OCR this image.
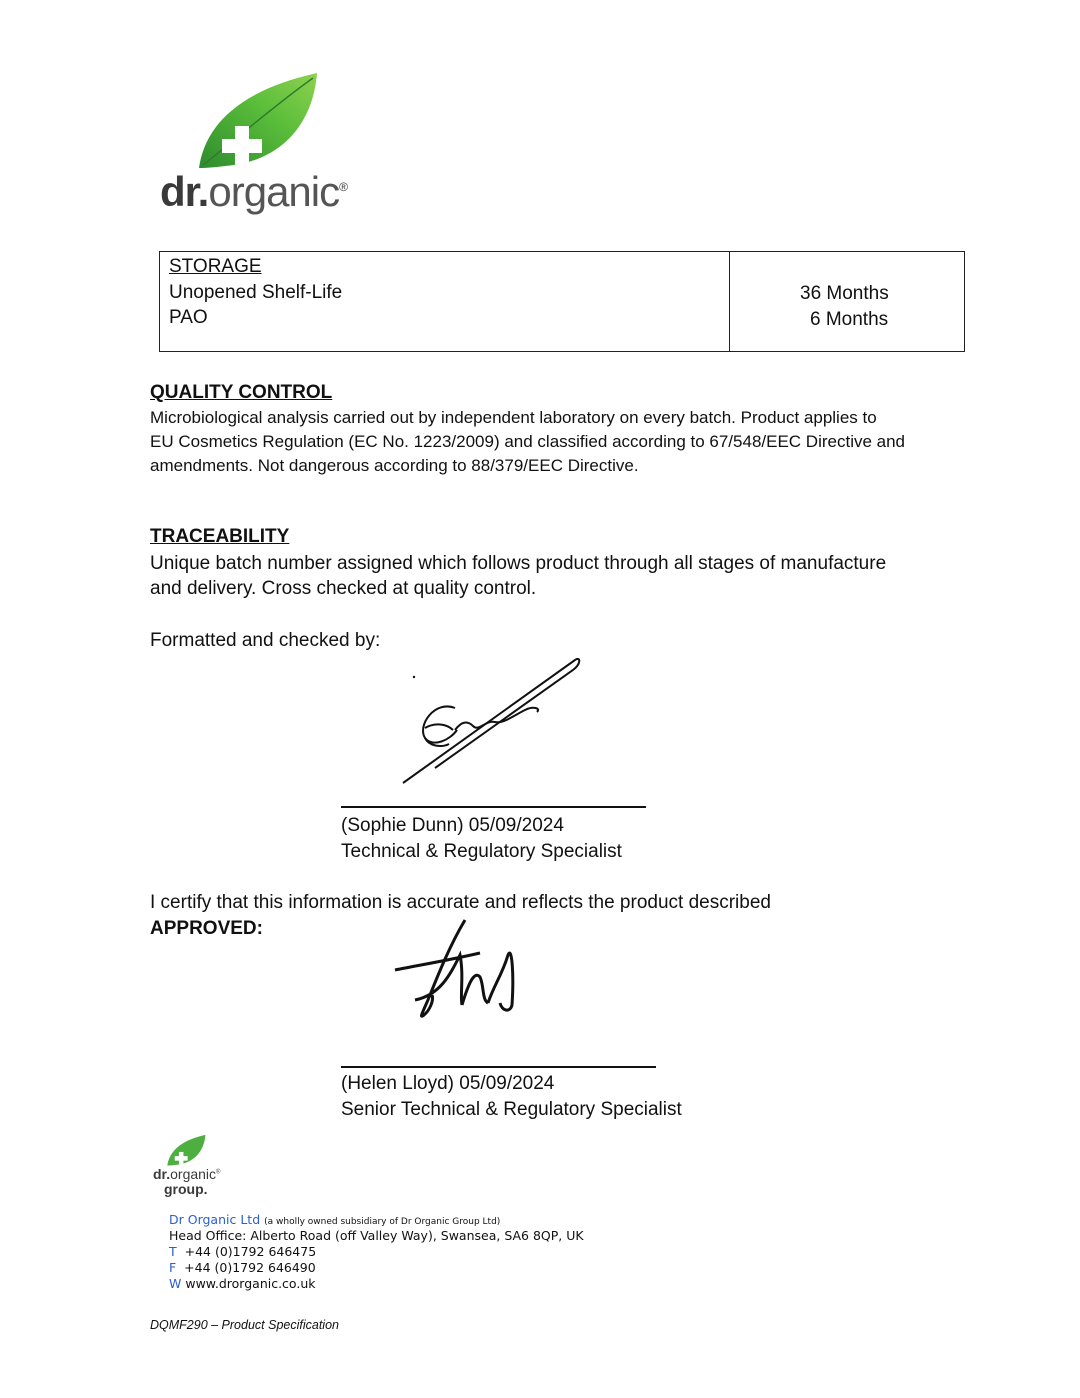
dr.organic®
STORAGE
Unopened Shelf-Life
PAO
36 Months
6 Months
QUALITY CONTROL
Microbiological analysis carried out by independent laboratory on every batch. Product applies to
EU Cosmetics Regulation (EC No. 1223/2009) and classified according to 67/548/EEC Directive and
amendments. Not dangerous according to 88/379/EEC Directive.
TRACEABILITY
Unique batch number assigned which follows product through all stages of manufacture
and delivery. Cross checked at quality control.
Formatted and checked by:
(Sophie Dunn) 05/09/2024
Technical & Regulatory Specialist
I certify that this information is accurate and reflects the product described
APPROVED:
(Helen Lloyd) 05/09/2024
Senior Technical & Regulatory Specialist
dr.organic®
group.
Dr Organic Ltd (a wholly owned subsidiary of Dr Organic Group Ltd)
Head Office: Alberto Road (off Valley Way), Swansea, SA6 8QP, UK
T +44 (0)1792 646475
F +44 (0)1792 646490
W www.drorganic.co.uk
DQMF290 – Product Specification
